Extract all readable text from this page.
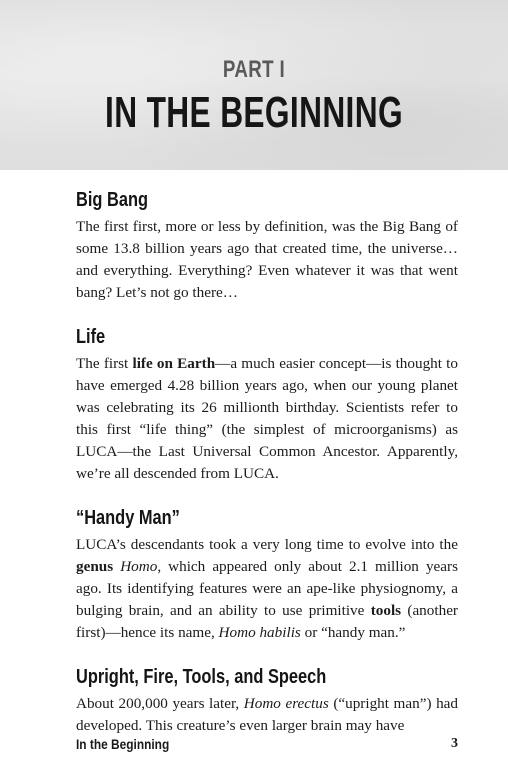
PART I
IN THE BEGINNING
Big Bang

The first first, more or less by definition, was the Big Bang of some 13.8 billion years ago that created time, the universe… and everything. Everything? Even whatever it was that went bang? Let’s not go there…

Life

The first life on Earth—a much easier concept—is thought to have emerged 4.28 billion years ago, when our young planet was celebrating its 26 millionth birthday. Scientists refer to this first “life thing” (the simplest of microorganisms) as LUCA—the Last Universal Common Ancestor. Apparently, we’re all descended from LUCA.

“Handy Man”

LUCA’s descendants took a very long time to evolve into the genus Homo, which appeared only about 2.1 million years ago. Its identifying features were an ape-like physiognomy, a bulging brain, and an ability to use primitive tools (another first)—hence its name, Homo habilis or “handy man.”

Upright, Fire, Tools, and Speech

About 200,000 years later, Homo erectus (“upright man”) had developed. This creature’s even larger brain may have

In the Beginning	3
